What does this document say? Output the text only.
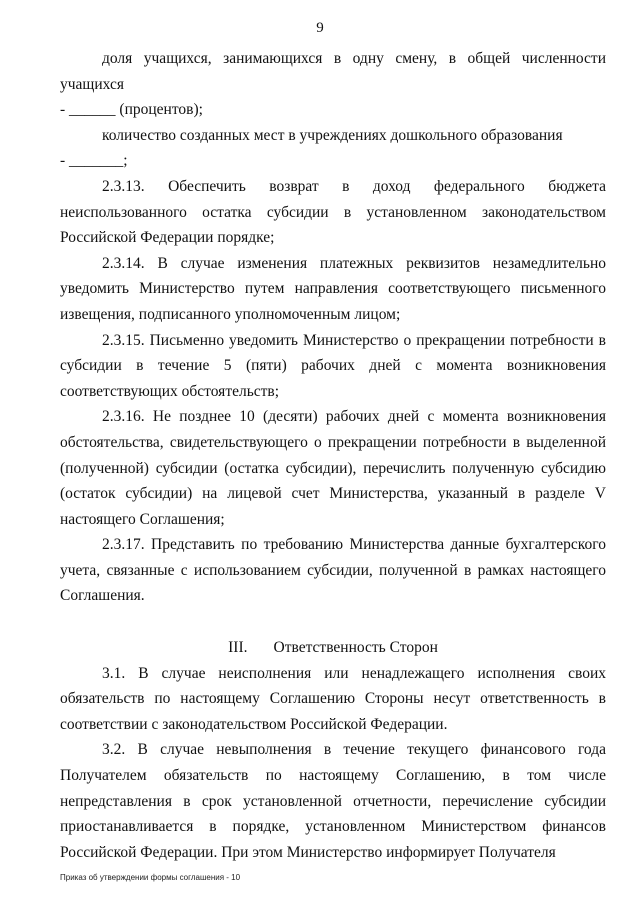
9

доля учащихся, занимающихся в одну смену, в общей численности учащихся

- ______ (процентов);

количество созданных мест в учреждениях дошкольного образования

- _______;

2.3.13. Обеспечить возврат в доход федерального бюджета неиспользованного остатка субсидии в установленном законодательством Российской Федерации порядке;

2.3.14. В случае изменения платежных реквизитов незамедлительно уведомить Министерство путем направления соответствующего письменного извещения, подписанного уполномоченным лицом;

2.3.15. Письменно уведомить Министерство о прекращении потребности в субсидии в течение 5 (пяти) рабочих дней с момента возникновения соответствующих обстоятельств;

2.3.16. Не позднее 10 (десяти) рабочих дней с момента возникновения обстоятельства, свидетельствующего о прекращении потребности в выделенной (полученной) субсидии (остатка субсидии), перечислить полученную субсидию (остаток субсидии) на лицевой счет Министерства, указанный в разделе V настоящего Соглашения;

2.3.17. Представить по требованию Министерства данные бухгалтерского учета, связанные с использованием субсидии, полученной в рамках настоящего Соглашения.

III. Ответственность Сторон

3.1. В случае неисполнения или ненадлежащего исполнения своих обязательств по настоящему Соглашению Стороны несут ответственность в соответствии с законодательством Российской Федерации.

3.2. В случае невыполнения в течение текущего финансового года Получателем обязательств по настоящему Соглашению, в том числе непредставления в срок установленной отчетности, перечисление субсидии приостанавливается в порядке, установленном Министерством финансов Российской Федерации. При этом Министерство информирует Получателя

Приказ об утверждении формы соглашения - 10
